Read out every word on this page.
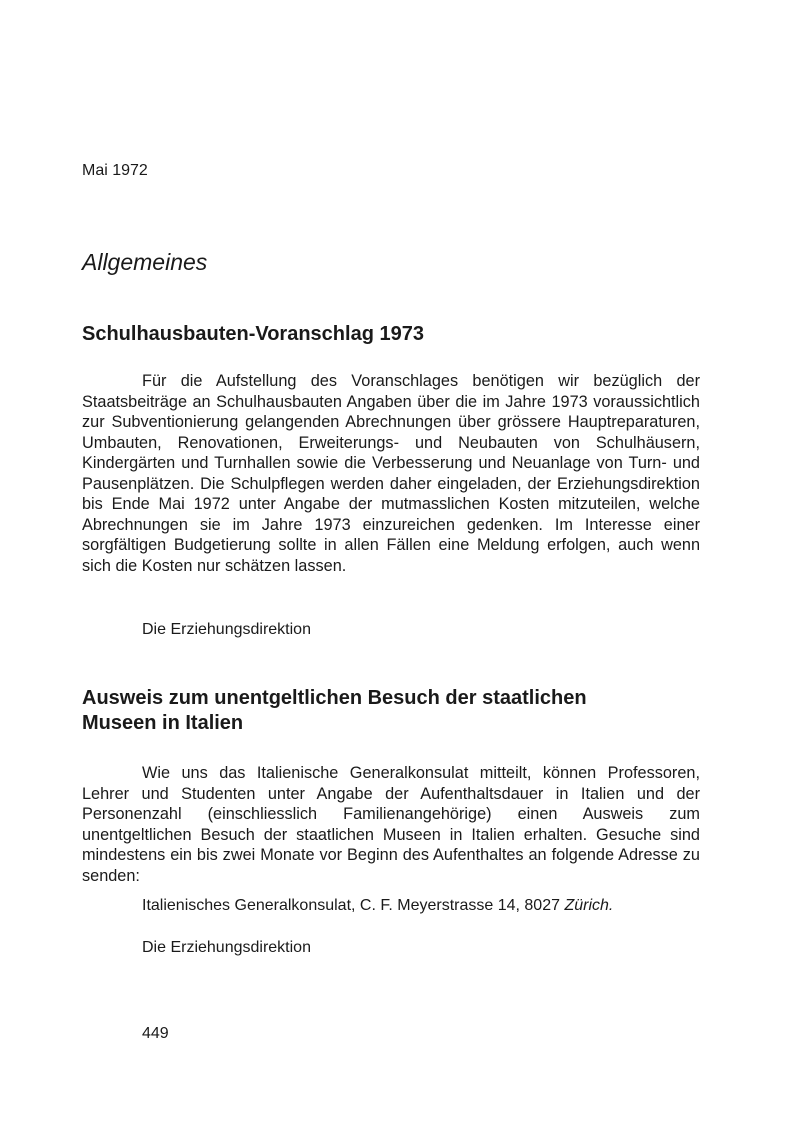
Mai 1972
Allgemeines
Schulhausbauten-Voranschlag 1973

Für die Aufstellung des Voranschlages benötigen wir bezüglich der Staatsbeiträge an Schulhausbauten Angaben über die im Jahre 1973 voraussichtlich zur Subventionierung gelangenden Abrechnungen über grössere Hauptreparaturen, Umbauten, Renovationen, Erweiterungs- und Neubauten von Schulhäusern, Kindergärten und Turnhallen sowie die Verbesserung und Neuanlage von Turn- und Pausenplätzen. Die Schulpflegen werden daher eingeladen, der Erziehungsdirektion bis Ende Mai 1972 unter Angabe der mutmasslichen Kosten mitzuteilen, welche Abrechnungen sie im Jahre 1973 einzureichen gedenken. Im Interesse einer sorgfältigen Budgetierung sollte in allen Fällen eine Meldung erfolgen, auch wenn sich die Kosten nur schätzen lassen.

Die Erziehungsdirektion
Ausweis zum unentgeltlichen Besuch der staatlichen
Museen in Italien

Wie uns das Italienische Generalkonsulat mitteilt, können Professoren, Lehrer und Studenten unter Angabe der Aufenthaltsdauer in Italien und der Personenzahl (einschliesslich Familienangehörige) einen Ausweis zum unentgeltlichen Besuch der staatlichen Museen in Italien erhalten. Gesuche sind mindestens ein bis zwei Monate vor Beginn des Aufenthaltes an folgende Adresse zu senden:

Italienisches Generalkonsulat, C. F. Meyerstrasse 14, 8027 Zürich.
Die Erziehungsdirektion
449
